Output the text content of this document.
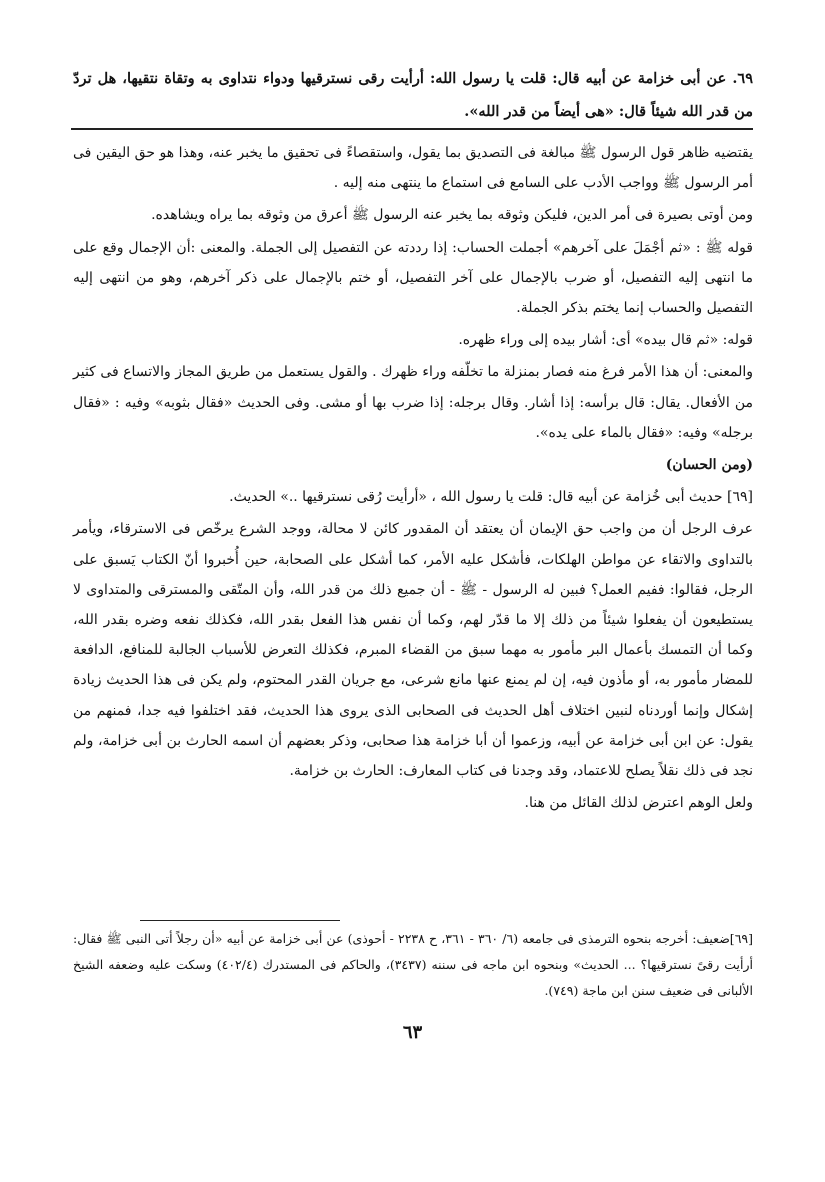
٦٩. عن أبى خزامة عن أبيه قال: قلت يا رسول الله: أرأيت رقى نسترقيها ودواء نتداوى به وتقاة نتقيها، هل تردّ من قدر الله شيئاً قال: «هى أيضاً من قدر الله».

يقتضيه ظاهر قول الرسول ﷺ مبالغة فى التصديق بما يقول، واستقصاءً فى تحقيق ما يخبر عنه، وهذا هو حق اليقين فى أمر الرسول ﷺ وواجب الأدب على السامع فى استماع ما ينتهى منه إليه .

ومن أوتى بصيرة فى أمر الدين، فليكن وثوقه بما يخبر عنه الرسول ﷺ أعرق من وثوقه بما يراه ويشاهده.

قوله ﷺ : «ثم أجْمَلَ على آخرهم» أجملت الحساب: إذا رددته عن التفصيل إلى الجملة. والمعنى :أن الإجمال وقع على ما انتهى إليه التفصيل، أو ضرب بالإجمال على آخر التفصيل، أو ختم بالإجمال على ذكر آخرهم، وهو من انتهى إليه التفصيل والحساب إنما يختم بذكر الجملة.

قوله: «ثم قال بيده» أى: أشار بيده إلى وراء ظهره.

والمعنى: أن هذا الأمر فرغ منه فصار بمنزلة ما تخلّفه وراء ظهرك . والقول يستعمل من طريق المجاز والاتساع فى كثير من الأفعال. يقال: قال برأسه: إذا أشار. وقال برجله: إذا ضرب بها أو مشى. وفى الحديث «فقال بثوبه» وفيه : «فقال برجله» وفيه: «فقال بالماء على يده».

(ومن الحسان)

[٦٩] حديث أبى خُزامة عن أبيه قال: قلت يا رسول الله ، «أرأيت رُقى نسترقيها ..» الحديث.

عرف الرجل أن من واجب حق الإيمان أن يعتقد أن المقدور كائن لا محالة، ووجد الشرع يرخّص فى الاسترقاء، ويأمر بالتداوى والاتقاء عن مواطن الهلكات، فأشكل عليه الأمر، كما أشكل على الصحابة، حين أُخبروا أنّ الكتاب يَسبق على الرجل، فقالوا: ففيم العمل؟ فبين له الرسول - ﷺ - أن جميع ذلك من قدر الله، وأن المتّقى والمسترقى والمتداوى لا يستطيعون أن يفعلوا شيئاً من ذلك إلا ما قدّر لهم، وكما أن نفس هذا الفعل بقدر الله، فكذلك نفعه وضره بقدر الله، وكما أن التمسك بأعمال البر مأمور به مهما سبق من القضاء المبرم، فكذلك التعرض للأسباب الجالبة للمنافع، الدافعة للمضار مأمور به، أو مأذون فيه، إن لم يمنع عنها مانع شرعى، مع جريان القدر المحتوم، ولم يكن فى هذا الحديث زيادة إشكال وإنما أوردناه لنبين اختلاف أهل الحديث فى الصحابى الذى يروى هذا الحديث، فقد اختلفوا فيه جدا، فمنهم من يقول: عن ابن أبى خزامة عن أبيه، وزعموا أن أبا خزامة هذا صحابى، وذكر بعضهم أن اسمه الحارث بن أبى خزامة، ولم نجد فى ذلك نقلاً يصلح للاعتماد، وقد وجدنا فى كتاب المعارف: الحارث بن خزامة.

ولعل الوهم اعترض لذلك القائل من هنا.

[٦٩]ضعيف: أخرجه بنحوه الترمذى فى جامعه (٦/ ٣٦٠ - ٣٦١، ح ٢٢٣٨ - أحوذى) عن أبى خزامة عن أبيه «أن رجلاً أتى النبى ﷺ فقال: أرأيت رقىً نسترقيها؟ ... الحديث» وبنحوه ابن ماجه فى سننه (٣٤٣٧)، والحاكم فى المستدرك (٤٠٢/٤) وسكت عليه وضعفه الشيخ الألبانى فى ضعيف سنن ابن ماجة (٧٤٩).

٦٣
